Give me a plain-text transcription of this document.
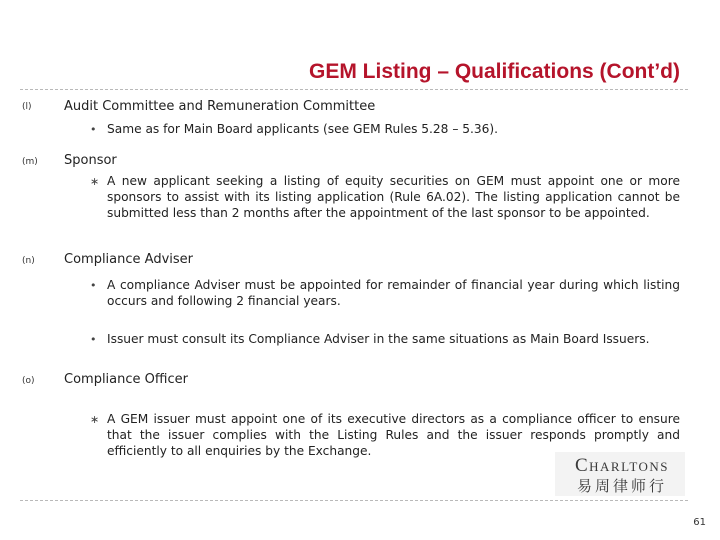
GEM Listing – Qualifications (Cont’d)
(l) Audit Committee and Remuneration Committee
• Same as for Main Board applicants (see GEM Rules 5.28 – 5.36).
(m) Sponsor
∗ A new applicant seeking a listing of equity securities on GEM must appoint one or more sponsors to assist with its listing application (Rule 6A.02). The listing application cannot be submitted less than 2 months after the appointment of the last sponsor to be appointed.
(n) Compliance Adviser
• A compliance Adviser must be appointed for remainder of financial year during which listing occurs and following 2 financial years.
• Issuer must consult its Compliance Adviser in the same situations as Main Board Issuers.
(o) Compliance Officer
∗ A GEM issuer must appoint one of its executive directors as a compliance officer to ensure that the issuer complies with the Listing Rules and the issuer responds promptly and efficiently to all enquiries by the Exchange.
Charltons
易周律师行
61
